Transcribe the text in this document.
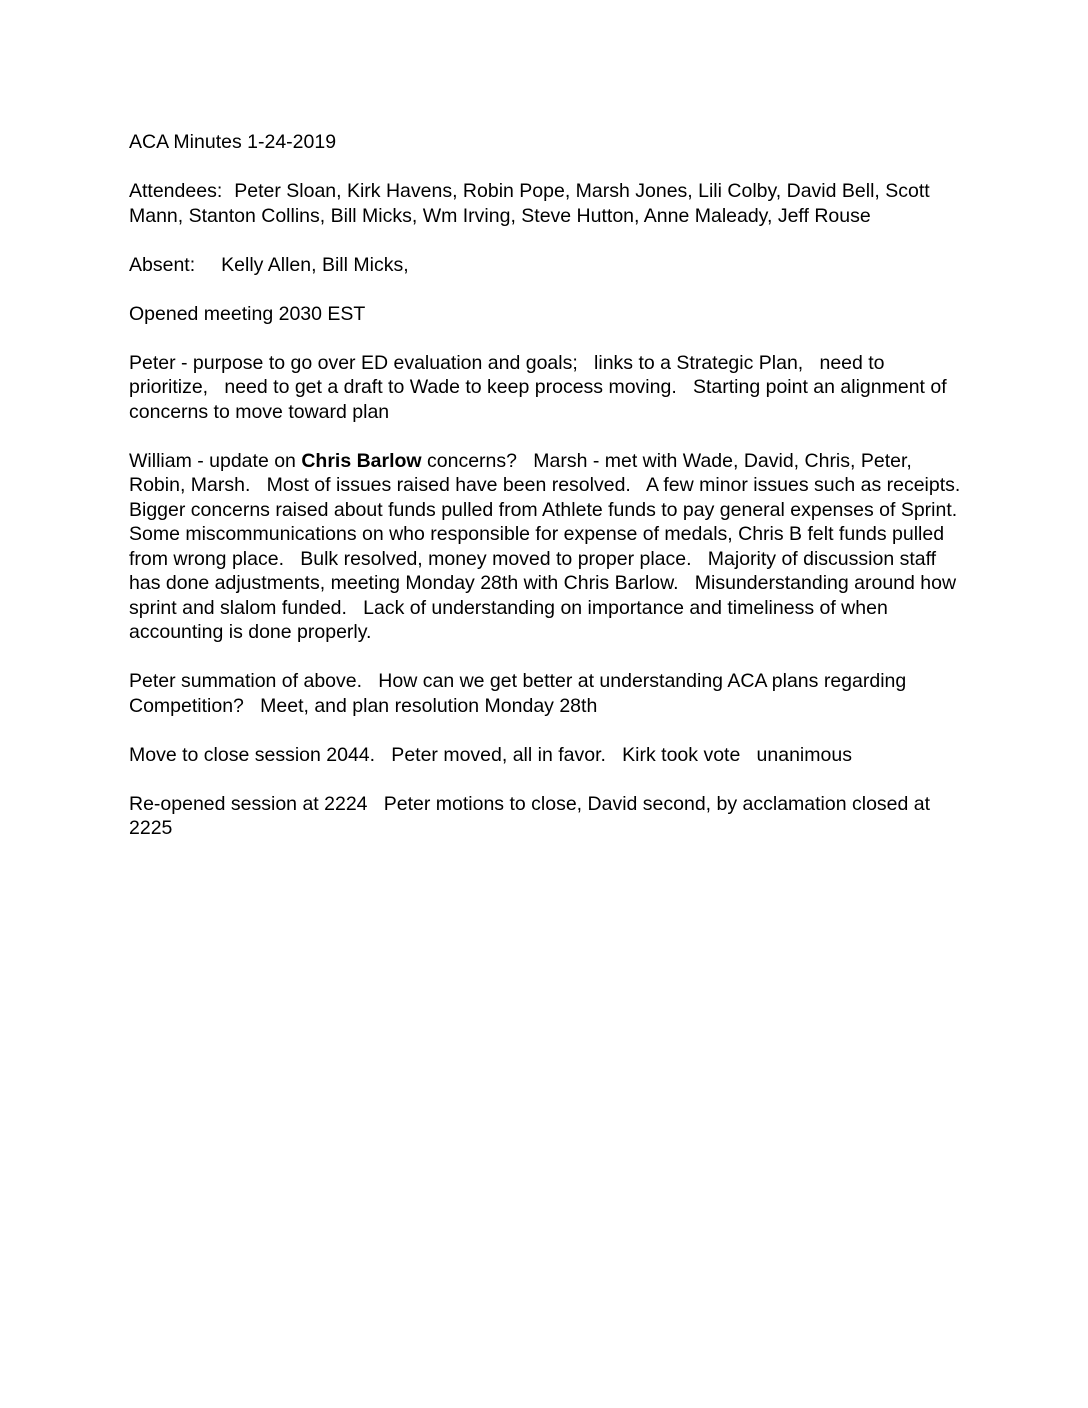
ACA Minutes 1-24-2019

Attendees: Peter Sloan, Kirk Havens, Robin Pope, Marsh Jones, Lili Colby, David Bell, Scott Mann, Stanton Collins, Bill Micks, Wm Irving, Steve Hutton, Anne Maleady, Jeff Rouse

Absent: Kelly Allen, Bill Micks,

Opened meeting 2030 EST

Peter - purpose to go over ED evaluation and goals;   links to a Strategic Plan,   need to prioritize,   need to get a draft to Wade to keep process moving.   Starting point an alignment of concerns to move toward plan

William - update on Chris Barlow concerns?   Marsh - met with Wade, David, Chris, Peter, Robin, Marsh.   Most of issues raised have been resolved.   A few minor issues such as receipts.   Bigger concerns raised about funds pulled from Athlete funds to pay general expenses of Sprint.   Some miscommunications on who responsible for expense of medals, Chris B felt funds pulled from wrong place.   Bulk resolved, money moved to proper place.   Majority of discussion staff has done adjustments, meeting Monday 28th with Chris Barlow.   Misunderstanding around how sprint and slalom funded.   Lack of understanding on importance and timeliness of when accounting is done properly.

Peter summation of above.   How can we get better at understanding ACA plans regarding Competition?   Meet, and plan resolution Monday 28th

Move to close session 2044.   Peter moved, all in favor.   Kirk took vote   unanimous

Re-opened session at 2224   Peter motions to close, David second, by acclamation closed at 2225
